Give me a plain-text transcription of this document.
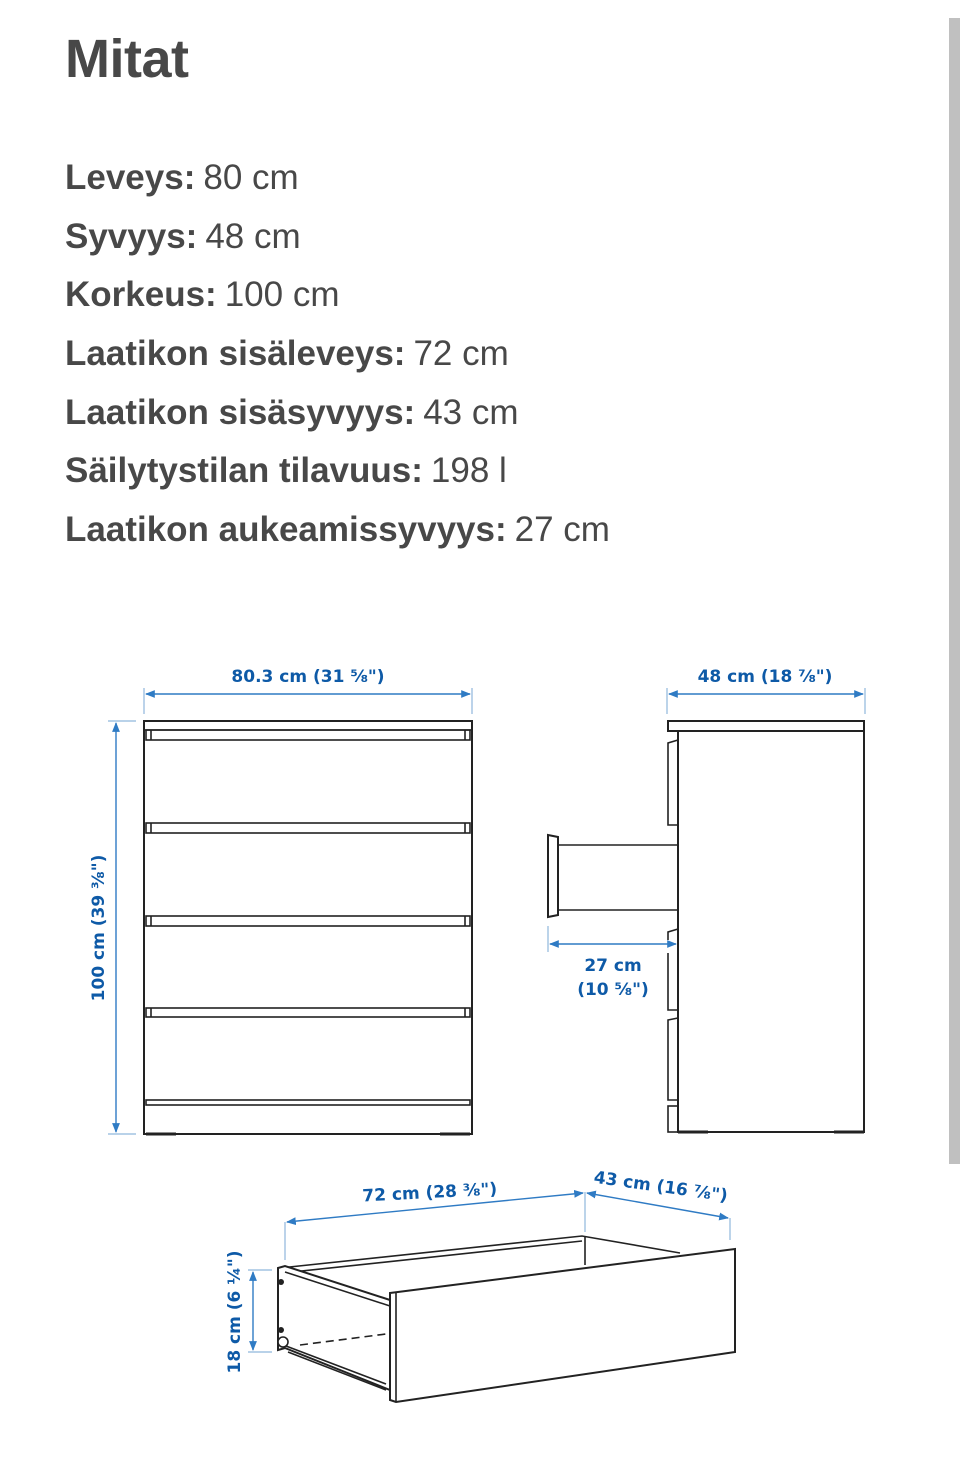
Mitat
Leveys: 80 cm
Syvyys: 48 cm
Korkeus: 100 cm
Laatikon sisäleveys: 72 cm
Laatikon sisäsyvyys: 43 cm
Säilytystilan tilavuus: 198 l
Laatikon aukeamissyvyys: 27 cm
80.3 cm (31 ⅝")
100 cm (39 ⅜")
48 cm (18 ⅞")
27 cm
(10 ⅝")
72 cm (28 ⅜")	43 cm (16 ⅞")
18 cm (6 ¼")
